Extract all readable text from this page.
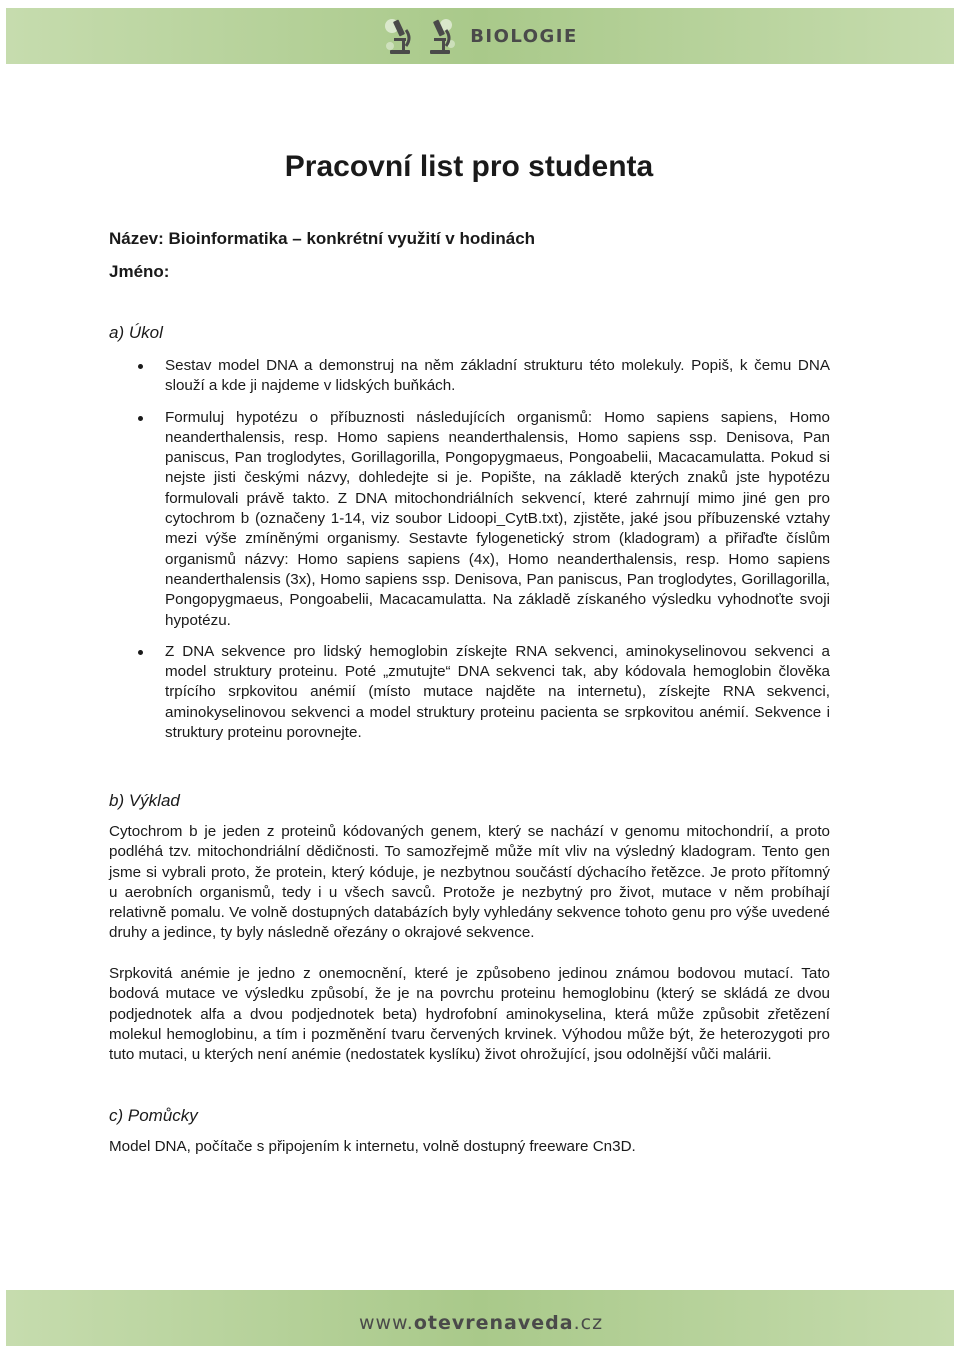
BIOLOGIE
Pracovní list pro studenta

Název: Bioinformatika – konkrétní využití v hodinách

Jméno:

a) Úkol

Sestav model DNA a demonstruj na něm základní strukturu této molekuly. Popiš, k čemu DNA slouží a kde ji najdeme v lidských buňkách.
Formuluj hypotézu o příbuznosti následujících organismů: Homo sapiens sapiens, Homo neanderthalensis, resp. Homo sapiens neanderthalensis, Homo sapiens ssp. Denisova, Pan paniscus, Pan troglodytes, Gorillagorilla, Pongopygmaeus, Pongoabelii, Macacamulatta. Pokud si nejste jisti českými názvy, dohledejte si je. Popište, na základě kterých znaků jste hypotézu formulovali právě takto. Z DNA mitochondriálních sekvencí, které zahrnují mimo jiné gen pro cytochrom b (označeny 1-14, viz soubor Lidoopi_CytB.txt), zjistěte, jaké jsou příbuzenské vztahy mezi výše zmíněnými organismy. Sestavte fylogenetický strom (kladogram) a přiřaďte číslům organismů názvy: Homo sapiens sapiens (4x), Homo neanderthalensis, resp. Homo sapiens neanderthalensis (3x), Homo sapiens ssp. Denisova, Pan paniscus, Pan troglodytes, Gorillagorilla, Pongopygmaeus, Pongoabelii, Macacamulatta. Na základě získaného výsledku vyhodnoťte svoji hypotézu.
Z DNA sekvence pro lidský hemoglobin získejte RNA sekvenci, aminokyselinovou sekvenci a model struktury proteinu. Poté „zmutujte“ DNA sekvenci tak, aby kódovala hemoglobin člověka trpícího srpkovitou anémií (místo mutace najděte na internetu), získejte RNA sekvenci, aminokyselinovou sekvenci a model struktury proteinu pacienta se srpkovitou anémií. Sekvence i struktury proteinu porovnejte.

b) Výklad

Cytochrom b je jeden z proteinů kódovaných genem, který se nachází v genomu mitochondrií, a proto podléhá tzv. mitochondriální dědičnosti. To samozřejmě může mít vliv na výsledný kladogram. Tento gen jsme si vybrali proto, že protein, který kóduje, je nezbytnou součástí dýchacího řetězce. Je proto přítomný u aerobních organismů, tedy i u všech savců. Protože je nezbytný pro život, mutace v něm probíhají relativně pomalu. Ve volně dostupných databázích byly vyhledány sekvence tohoto genu pro výše uvedené druhy a jedince, ty byly následně ořezány o okrajové sekvence.

Srpkovitá anémie je jedno z onemocnění, které je způsobeno jedinou známou bodovou mutací. Tato bodová mutace ve výsledku způsobí, že je na povrchu proteinu hemoglobinu (který se skládá ze dvou podjednotek alfa a dvou podjednotek beta) hydrofobní aminokyselina, která může způsobit zřetězení molekul hemoglobinu, a tím i pozměnění tvaru červených krvinek. Výhodou může být, že heterozygoti pro tuto mutaci, u kterých není anémie (nedostatek kyslíku) život ohrožující, jsou odolnější vůči malárii.

c) Pomůcky

Model DNA, počítače s připojením k internetu, volně dostupný freeware Cn3D.

www.otevrenaveda.cz
